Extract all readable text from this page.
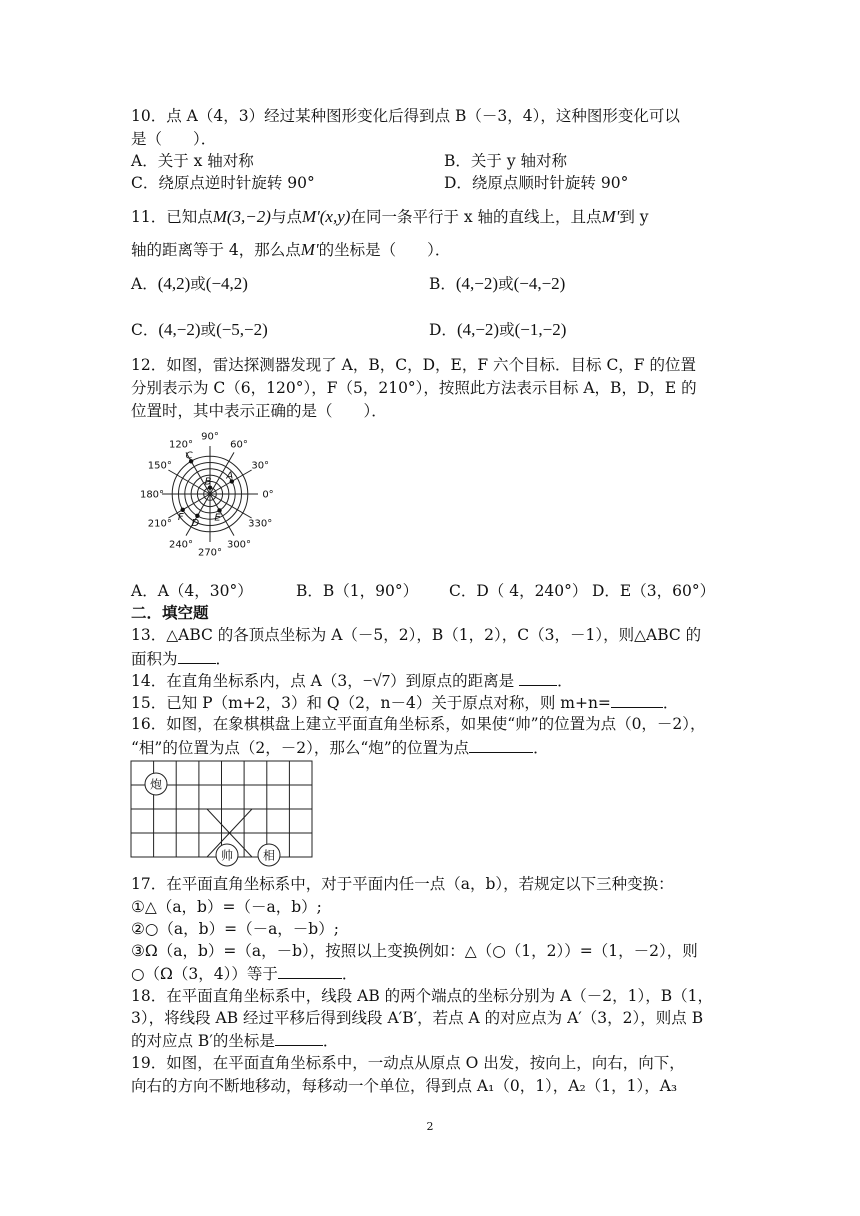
10．点 A（4，3）经过某种图形变化后得到点 B（－3，4），这种图形变化可以
是（　　）．
A．关于 x 轴对称	B．关于 y 轴对称
C．绕原点逆时针旋转 90°	D．绕原点顺时针旋转 90°
11．已知点M(3,−2)与点M'(x,y)在同一条平行于 x 轴的直线上，且点M'到 y
轴的距离等于 4，那么点M'的坐标是（　　）．
A．(4,2)或(−4,2)	B．(4,−2)或(−4,−2)
C．(4,−2)或(−5,−2)	D．(4,−2)或(−1,−2)
12．如图，雷达探测器发现了 A，B，C，D，E，F 六个目标．目标 C，F 的位置
分别表示为 C（6，120°），F（5，210°），按照此方法表示目标 A，B，D，E 的
位置时，其中表示正确的是（　　）．
0°
30°
60°
90°
120°
150°
180°
210°
240°
270°
300°
330°
A
B
C
D E
F
A．A（4，30°）	B．B（1，90°） C．D（ 4，240°） D．E（3，60°）
二．填空题
13．△ABC 的各顶点坐标为 A（－5，2），B（1，2），C（3，－1），则△ABC 的
面积为 ．
14．在直角坐标系内，点 A（3，−√7）到原点的距离是 ．
15．已知 P（m+2，3）和 Q（2，n－4）关于原点对称，则 m+n=	．
16．如图，在象棋棋盘上建立平面直角坐标系，如果使“帅”的位置为点（0，－2），
“相”的位置为点（2，－2），那么“炮”的位置为点	．
炮
帅 相
17．在平面直角坐标系中，对于平面内任一点（a，b），若规定以下三种变换：
①△（a，b）=（－a，b）;
②○（a，b）=（－a，－b）;
③Ω（a，b）=（a，－b），按照以上变换例如：△（○（1，2））=（1，－2），则
○（Ω（3，4））等于	．
18．在平面直角坐标系中，线段 AB 的两个端点的坐标分别为 A（－2，1），B（1，
3），将线段 AB 经过平移后得到线段 A′B′，若点 A 的对应点为 A′（3，2），则点 B
的对应点 B′的坐标是	．
19．如图，在平面直角坐标系中，一动点从原点 O 出发，按向上，向右，向下，
向右的方向不断地移动，每移动一个单位，得到点 A₁（0，1），A₂（1，1），A₃
2
